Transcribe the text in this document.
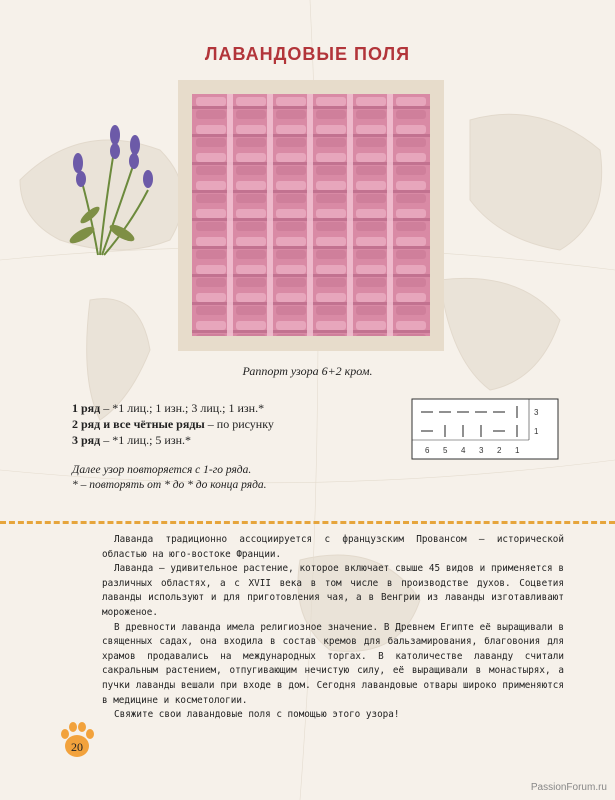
ЛАВАНДОВЫЕ ПОЛЯ
Раппорт узора 6+2 кром.
1 ряд – *1 лиц.; 1 изн.; 3 лиц.; 1 изн.*
2 ряд и все чётные ряды – по рисунку
3 ряд – *1 лиц.; 5 изн.*
3
1
6 5 4 3 2 1
Далее узор повторяется с 1-го ряда.
* – повторять от * до * до конца ряда.

Лаванда традиционно ассоциируется с французским Провансом – исторической областью на юго-востоке Франции.

Лаванда – удивительное растение, которое включает свыше 45 видов и применяется в различных областях, а с XVII века в том числе в производстве духов. Соцветия лаванды используют и для приготовления чая, а в Венгрии из лаванды изготавливают мороженое.

В древности лаванда имела религиозное значение. В Древнем Египте её выращивали в священных садах, она входила в состав кремов для бальзамирования, благовония для храмов продавались на международных торгах. В католичестве лаванду считали сакральным растением, отпугивающим нечистую силу, её выращивали в монастырях, а пучки лаванды вешали при входе в дом. Сегодня лавандовые отвары широко применяются в медицине и косметологии.

Свяжите свои лавандовые поля с помощью этого узора!

20
PassionForum.ru
